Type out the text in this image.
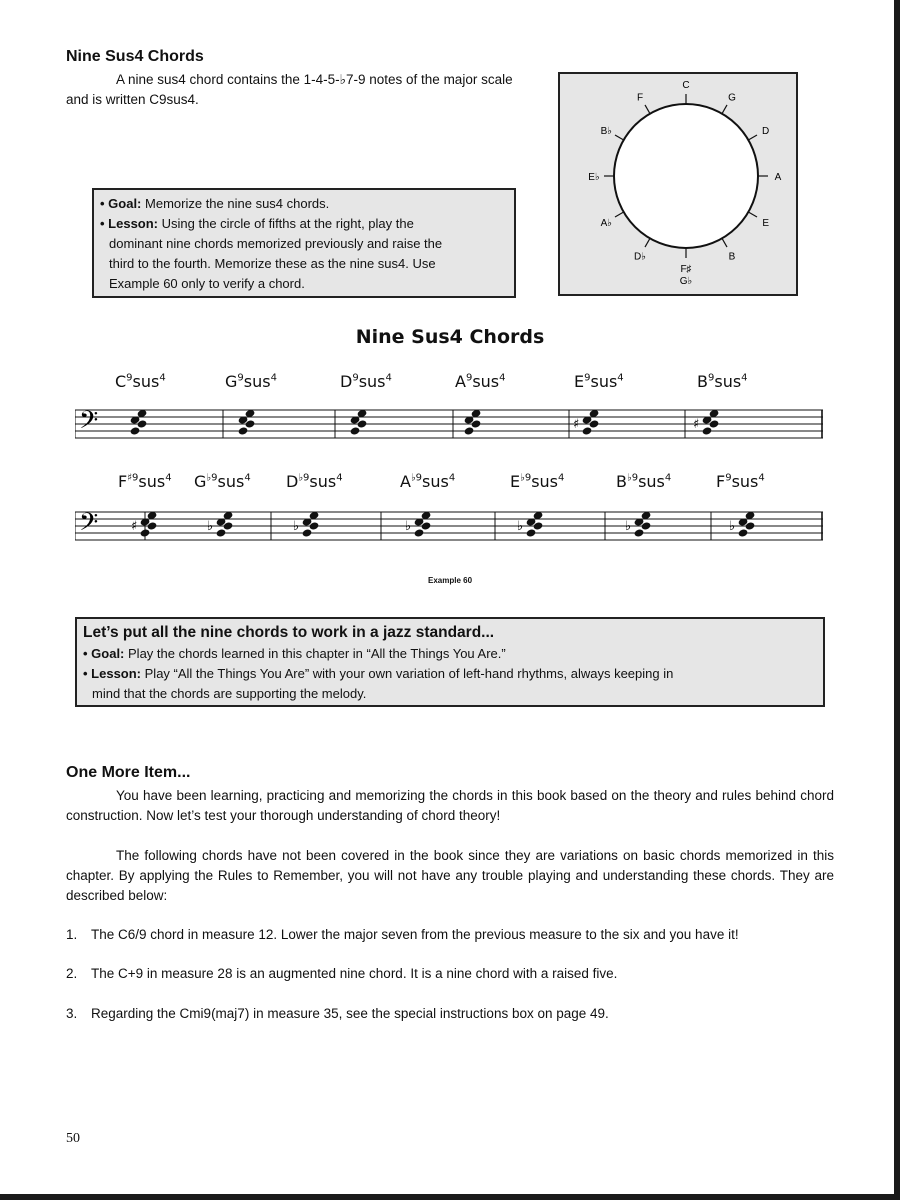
Nine Sus4 Chords

A nine sus4 chord contains the 1-4-5-♭7-9 notes of the major scale and is written C9sus4.

• Goal: Memorize the nine sus4 chords.
• Lesson: Using the circle of fifths at the right, play the
dominant nine chords memorized previously and raise the
third to the fourth. Memorize these as the nine sus4. Use
Example 60 only to verify a chord.
C
G
D
A
E
B
F♯
D♭
A♭
E♭
B♭
F
G♭
Nine Sus4 Chords
$C^9sus^4$	$G^9sus^4$	$D^9sus^4$	$A^9sus^4$	$E^9sus^4$	$B^9sus^4$
$F^{♯9}sus^4$ $G^{♭9}sus^4$ $D^{♭9}sus^4$	$A^{♭9}sus^4$	$E^{♭9}sus^4$	$B^{♭9}sus^4$	$F^9sus^4$
𝄢	♯	♯
𝄢	♯	♭	♭	♭	♭	♭	♭
Example 60
Let’s put all the nine chords to work in a jazz standard...
• Goal: Play the chords learned in this chapter in “All the Things You Are.”
• Lesson: Play “All the Things You Are” with your own variation of left-hand rhythms, always keeping in
mind that the chords are supporting the melody.
One More Item...

You have been learning, practicing and memorizing the chords in this book based on the theory and rules behind chord construction. Now let’s test your thorough understanding of chord theory!

The following chords have not been covered in the book since they are variations on basic chords memorized in this chapter. By applying the Rules to Remember, you will not have any trouble playing and understanding these chords. They are described below:

1. The C6/9 chord in measure 12. Lower the major seven from the previous measure to the six and you have it!
2. The C+9 in measure 28 is an augmented nine chord. It is a nine chord with a raised five.
3. Regarding the Cmi9(maj7) in measure 35, see the special instructions box on page 49.
50
